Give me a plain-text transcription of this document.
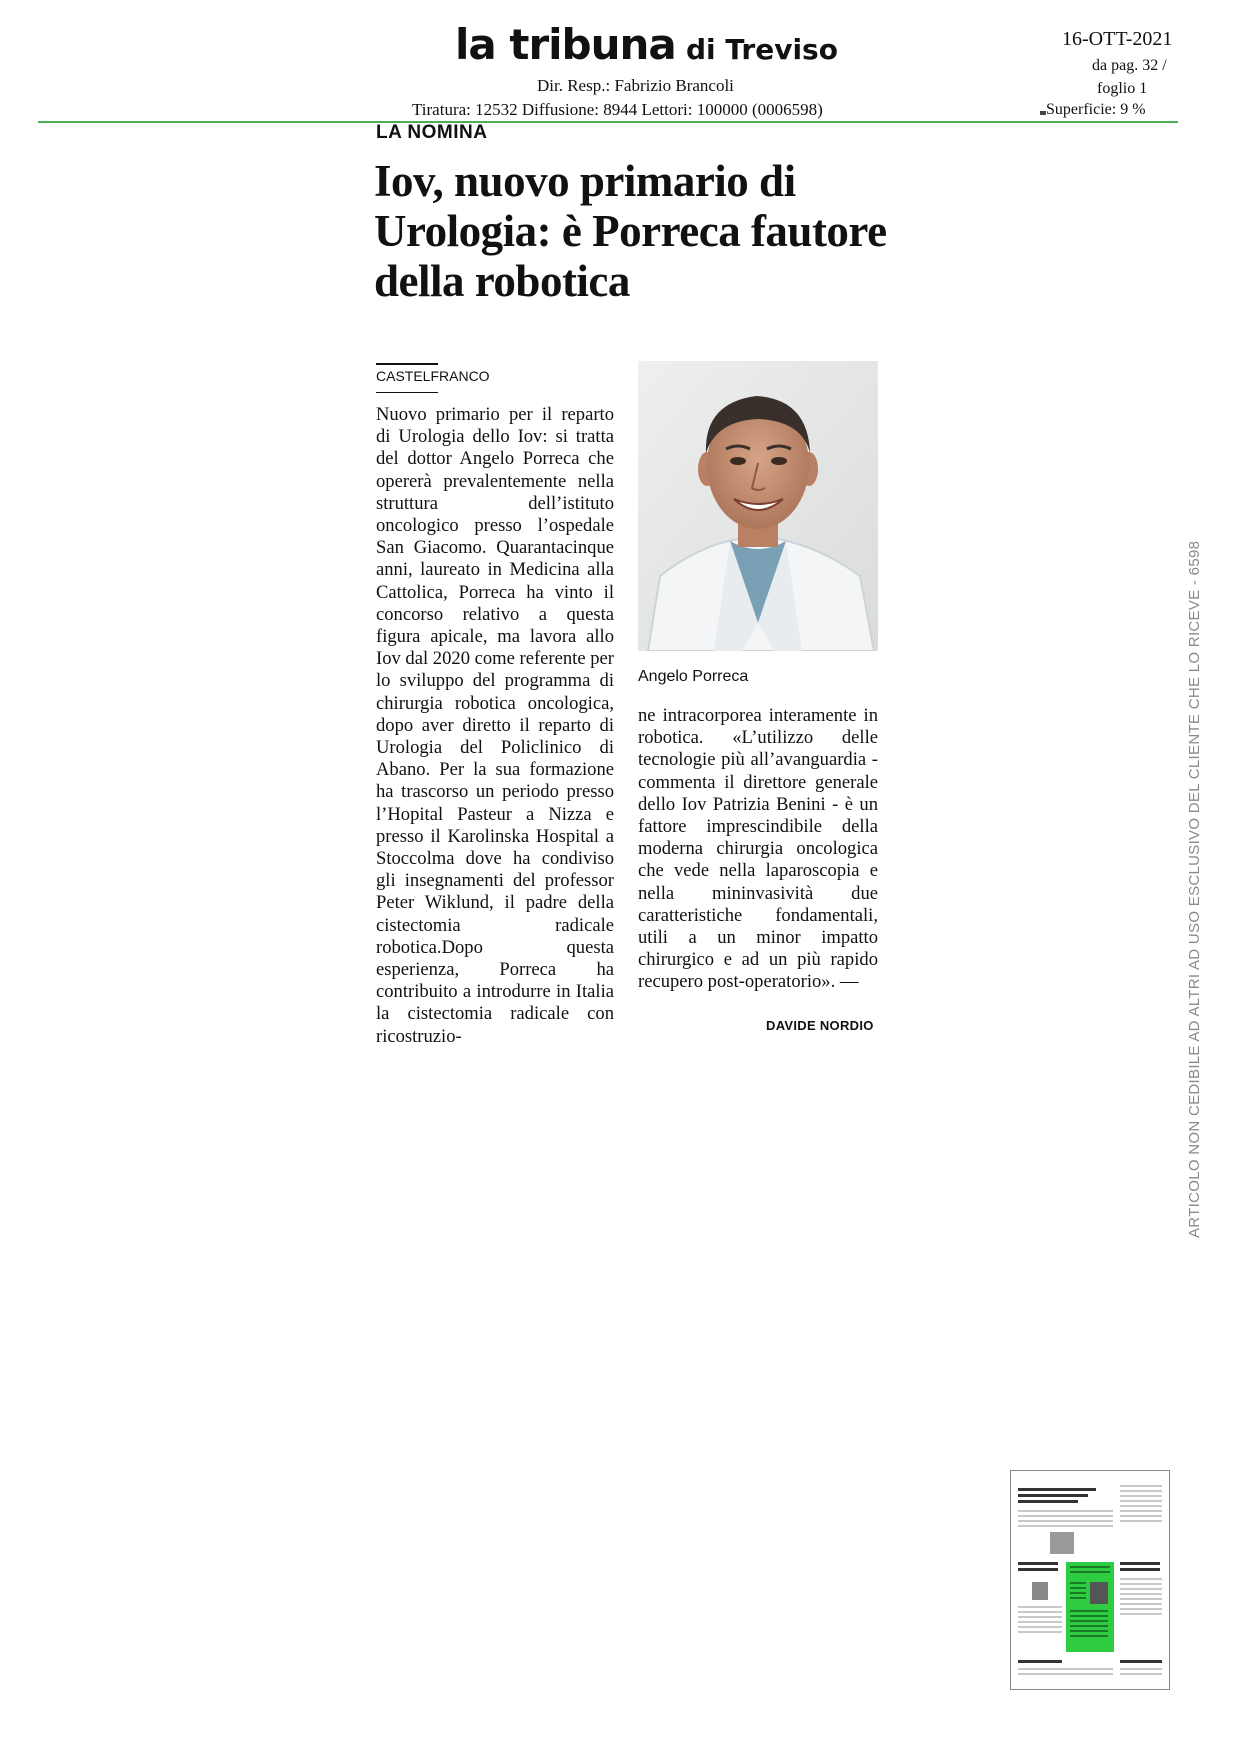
la tribuna di Treviso
Dir. Resp.: Fabrizio Brancoli
Tiratura: 12532 Diffusione: 8944 Lettori: 100000 (0006598)
16-OTT-2021
da pag. 32 /
foglio 1
Superficie: 9 %
LA NOMINA
Iov, nuovo primario di Urologia: è Porreca fautore della robotica
CASTELFRANCO

Nuovo primario per il reparto di Urologia dello Iov: si tratta del dottor Angelo Porreca che opererà prevalentemente nella struttura dell’istituto oncologico presso l’ospedale San Giacomo. Quarantacinque anni, laureato in Medicina alla Cattolica, Porreca ha vinto il concorso relativo a questa figura apicale, ma lavora allo Iov dal 2020 come referente per lo sviluppo del programma di chirurgia robotica oncologica, dopo aver diretto il reparto di Urologia del Policlinico di Abano. Per la sua formazione ha trascorso un periodo presso l’Hopital Pasteur a Nizza e presso il Karolinska Hospital a Stoccolma dove ha condiviso gli insegnamenti del professor Peter Wiklund, il padre della cistectomia radicale robotica.Dopo questa esperienza, Porreca ha contribuito a introdurre in Italia la cistectomia radicale con ricostruzio-

Angelo Porreca

ne intracorporea interamente in robotica. «L’utilizzo delle tecnologie più all’avanguardia - commenta il direttore generale dello Iov Patrizia Benini - è un fattore imprescindibile della moderna chirurgia oncologica che vede nella laparoscopia e nella mininvasività due caratteristiche fondamentali, utili a un minor impatto chirurgico e ad un più rapido recupero post-operatorio». —

DAVIDE NORDIO	ARTICOLO NON CEDIBILE AD ALTRI AD USO ESCLUSIVO DEL CLIENTE CHE LO RICEVE - 6598
